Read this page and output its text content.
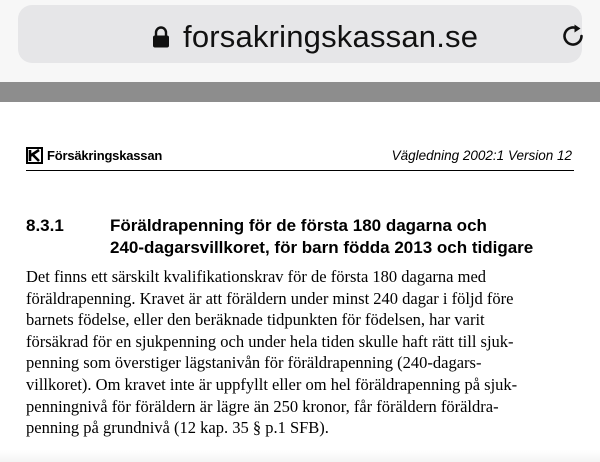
forsakringskassan.se
Försäkringskassan	Vägledning 2002:1 Version 12
8.3.1	Föräldrapenning för de första 180 dagarna och
240-dagarsvillkoret, för barn födda 2013 och tidigare
Det finns ett särskilt kvalifikationskrav för de första 180 dagarna med
föräldrapenning. Kravet är att föräldern under minst 240 dagar i följd före
barnets födelse, eller den beräknade tidpunkten för födelsen, har varit
försäkrad för en sjukpenning och under hela tiden skulle haft rätt till sjuk-
penning som överstiger lägstanivån för föräldrapenning (240-dagars-
villkoret). Om kravet inte är uppfyllt eller om hel föräldrapenning på sjuk-
penningnivå för föräldern är lägre än 250 kronor, får föräldern föräldra-
penning på grundnivå (12 kap. 35 § p.1 SFB).
